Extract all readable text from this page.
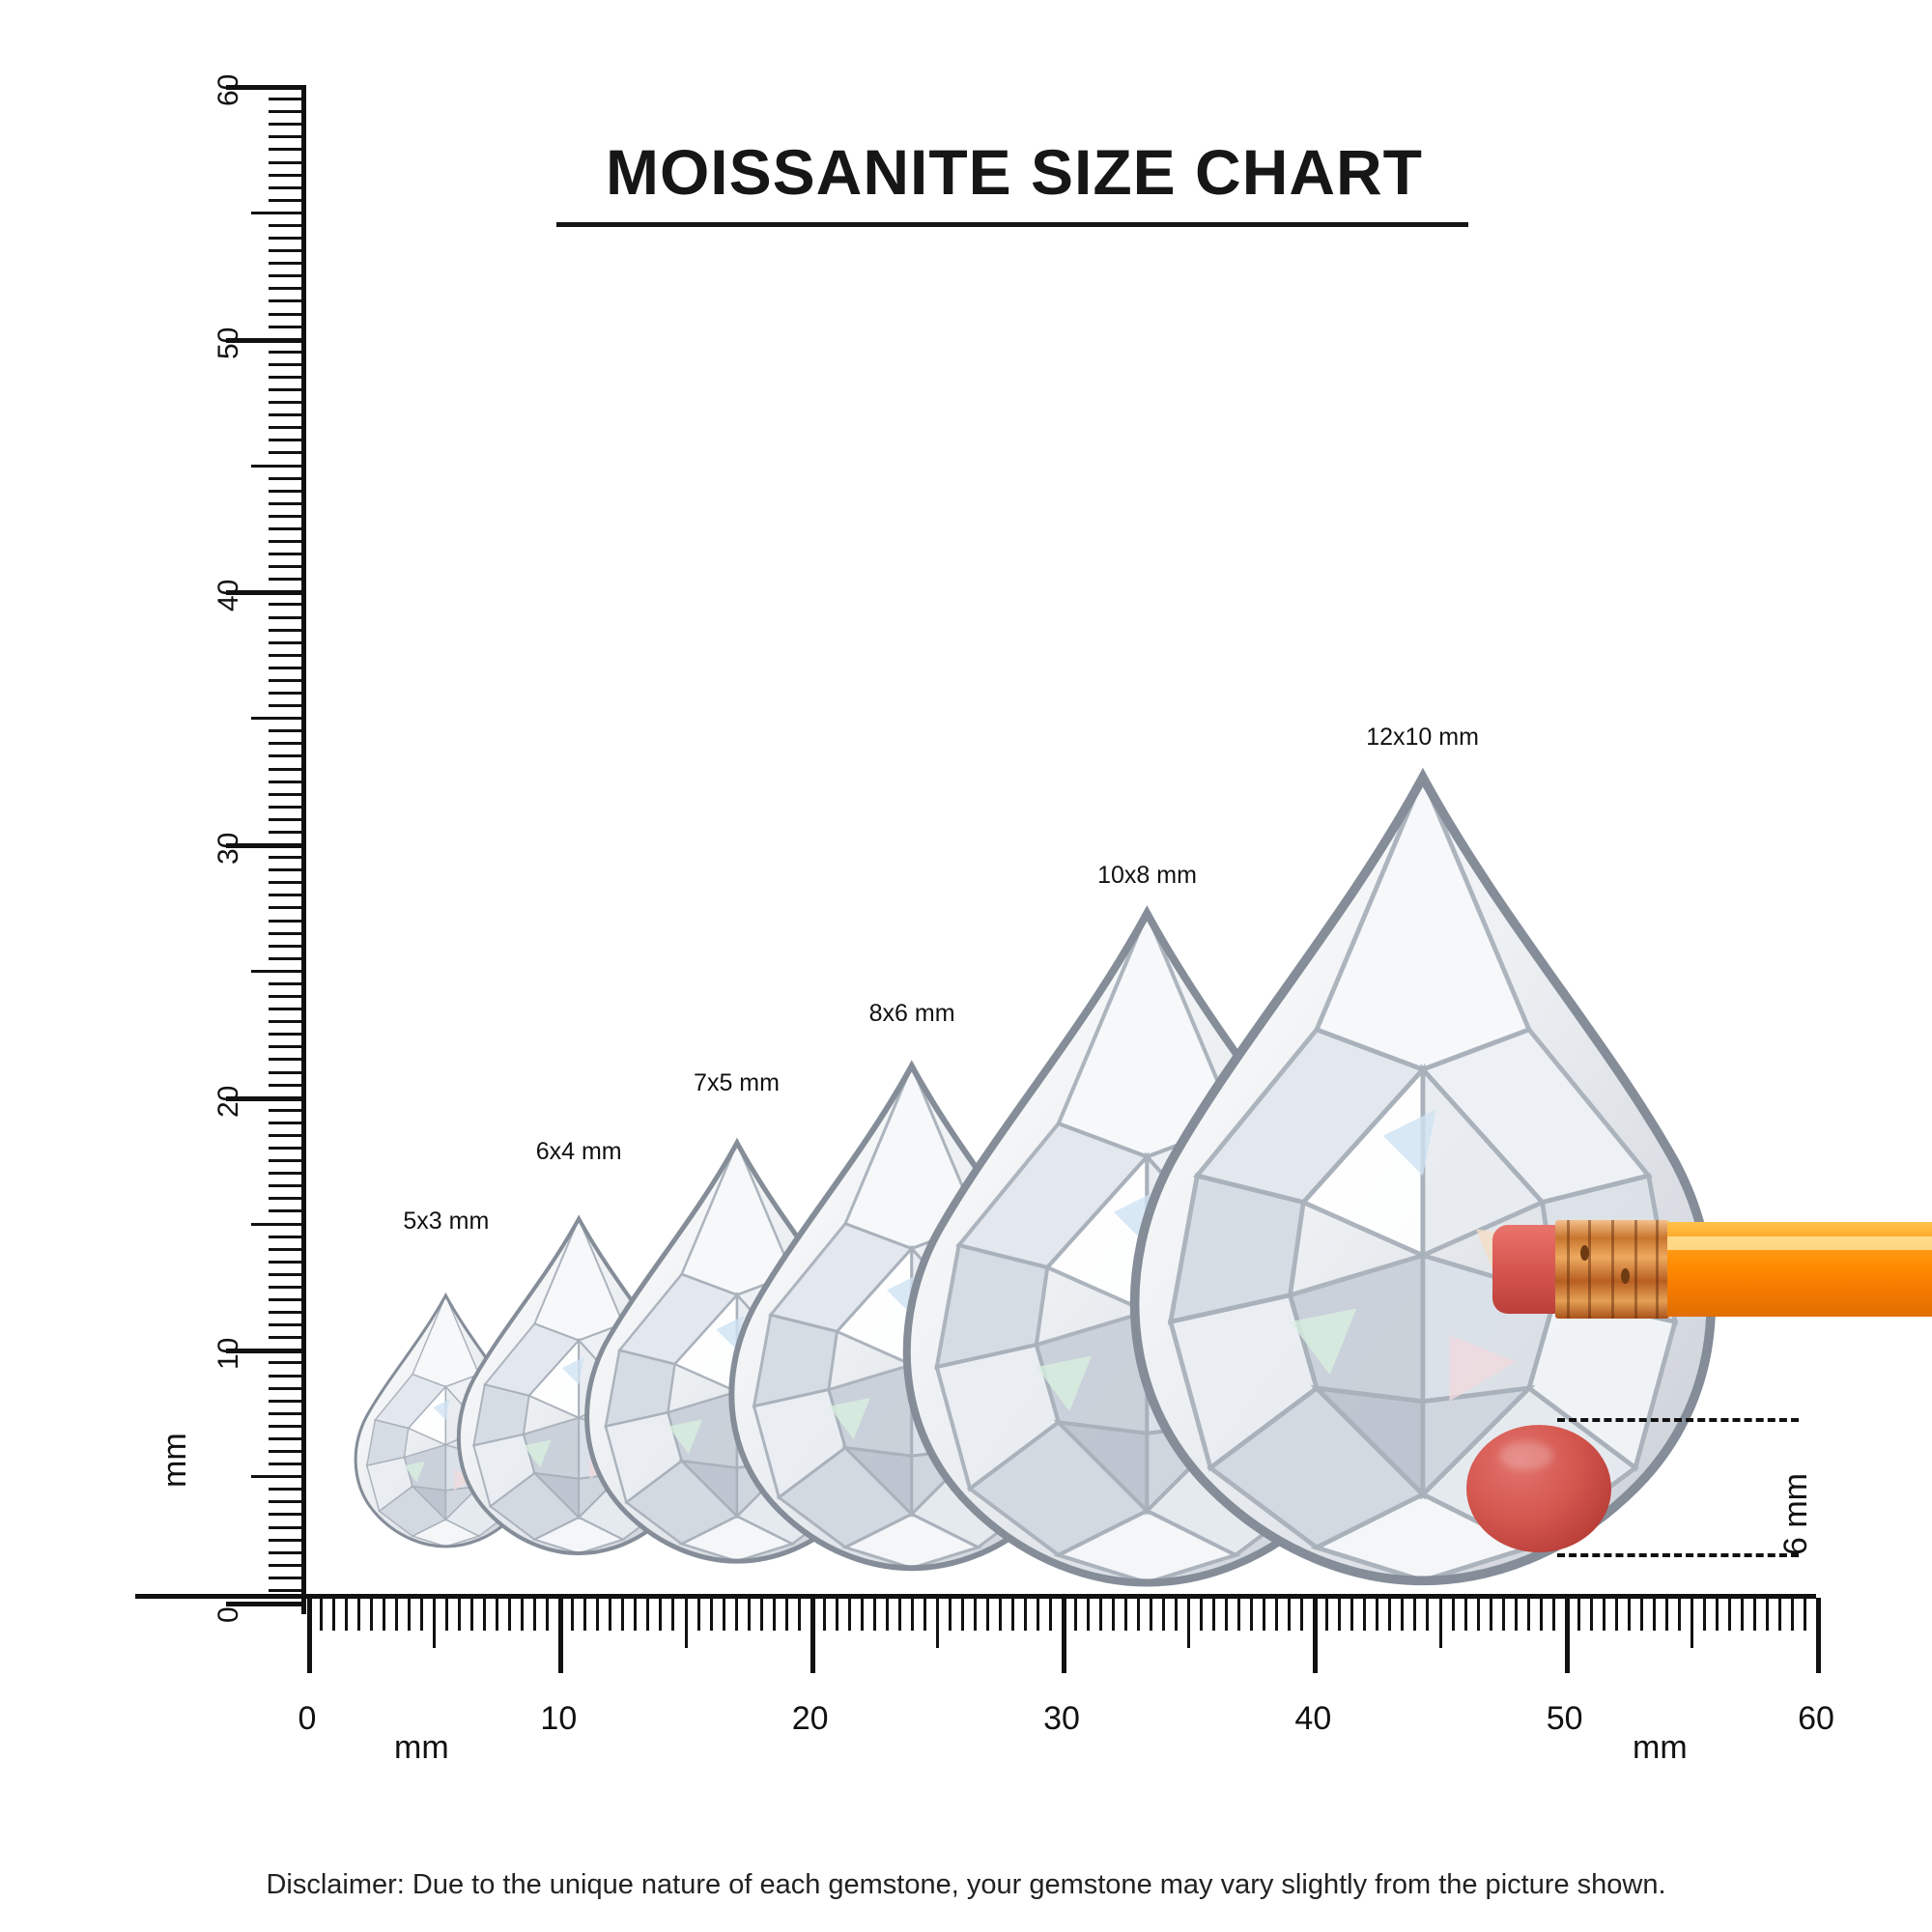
MOISSANITE SIZE CHART
0
10
20
30
40
50
60
mm
0	10	20	30	40	50	60
mm	mm
5x3 mm
6x4 mm
7x5 mm
8x6 mm
10x8 mm
12x10 mm
6 mm
Disclaimer: Due to the unique nature of each gemstone, your gemstone may vary slightly from the picture shown.
